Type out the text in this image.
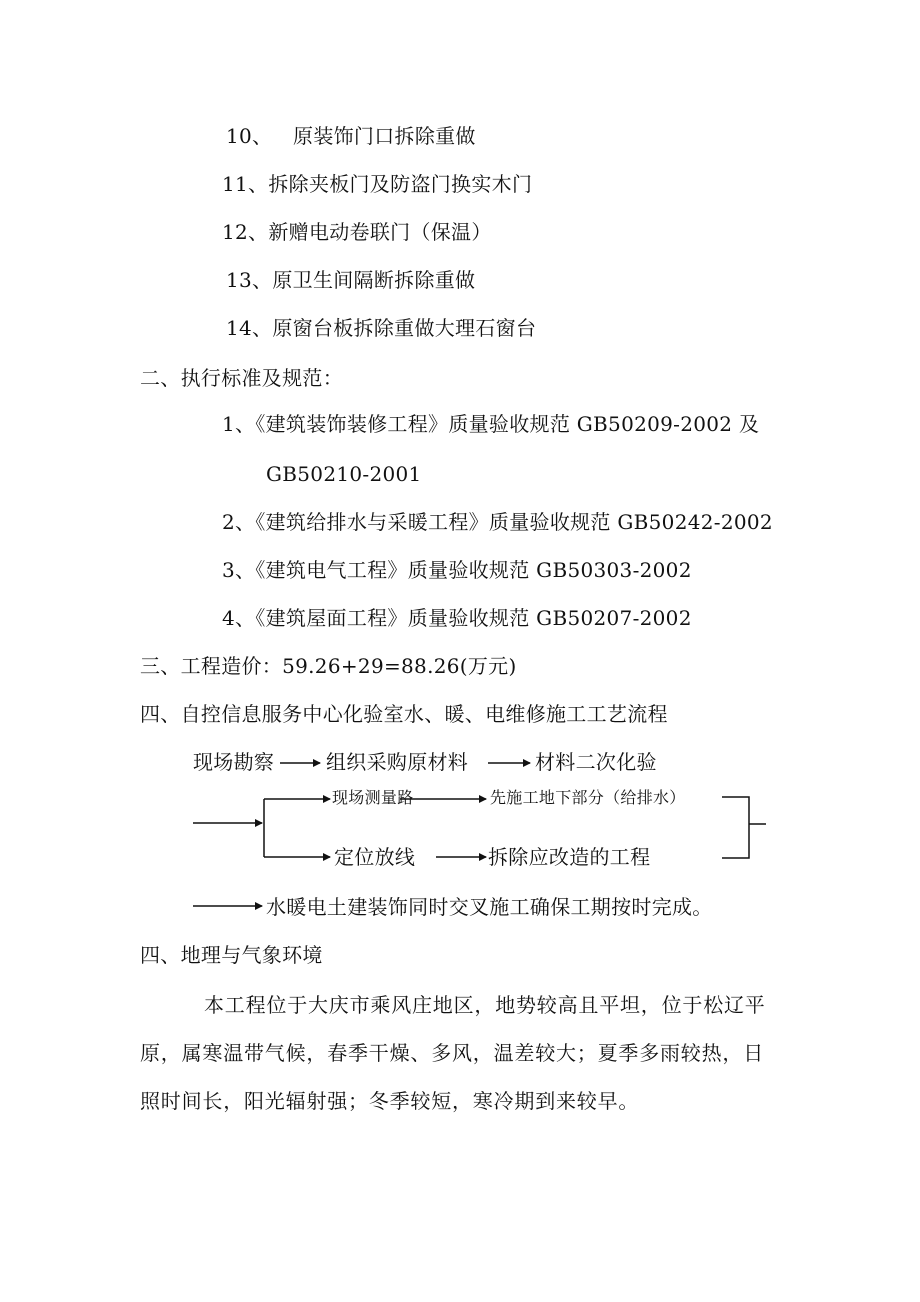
10、 原装饰门口拆除重做
11、拆除夹板门及防盗门换实木门
12、新赠电动卷联门（保温）
13、原卫生间隔断拆除重做
14、原窗台板拆除重做大理石窗台
二、执行标准及规范：
1、《建筑装饰装修工程》质量验收规范 GB50209-2002 及
GB50210-2001
2、《建筑给排水与采暖工程》质量验收规范 GB50242-2002
3、《建筑电气工程》质量验收规范 GB50303-2002
4、《建筑屋面工程》质量验收规范 GB50207-2002
三、工程造价：59.26+29=88.26(万元)
四、自控信息服务中心化验室水、暖、电维修施工工艺流程
现场勘察	组织采购原材料	材料二次化验
现场测量路	先施工地下部分（给排水）
定位放线	拆除应改造的工程
水暖电土建装饰同时交叉施工确保工期按时完成。
四、地理与气象环境
本工程位于大庆市乘风庄地区，地势较高且平坦，位于松辽平
原，属寒温带气候，春季干燥、多风，温差较大；夏季多雨较热，日
照时间长，阳光辐射强；冬季较短，寒冷期到来较早。
